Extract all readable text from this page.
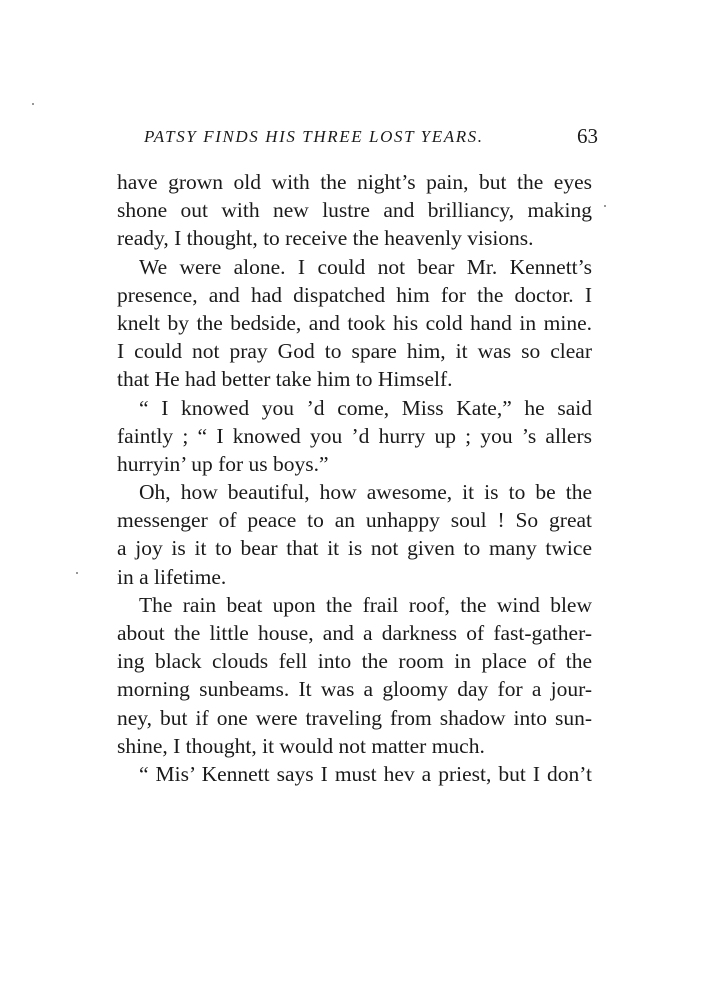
PATSY FINDS HIS THREE LOST YEARS.	63
have grown old with the night’s pain, but the eyes
shone out with new lustre and brilliancy, making
ready, I thought, to receive the heavenly visions.
We were alone. I could not bear Mr. Kennett’s
presence, and had dispatched him for the doctor. I
knelt by the bedside, and took his cold hand in mine.
I could not pray God to spare him, it was so clear
that He had better take him to Himself.
“ I knowed you ’d come, Miss Kate,” he said
faintly ; “ I knowed you ’d hurry up ; you ’s allers
hurryin’ up for us boys.”
Oh, how beautiful, how awesome, it is to be the
messenger of peace to an unhappy soul ! So great
a joy is it to bear that it is not given to many twice
in a lifetime.
The rain beat upon the frail roof, the wind blew
about the little house, and a darkness of fast-gather-
ing black clouds fell into the room in place of the
morning sunbeams. It was a gloomy day for a jour-
ney, but if one were traveling from shadow into sun-
shine, I thought, it would not matter much.
“ Mis’ Kennett says I must hev a priest, but I don’t
